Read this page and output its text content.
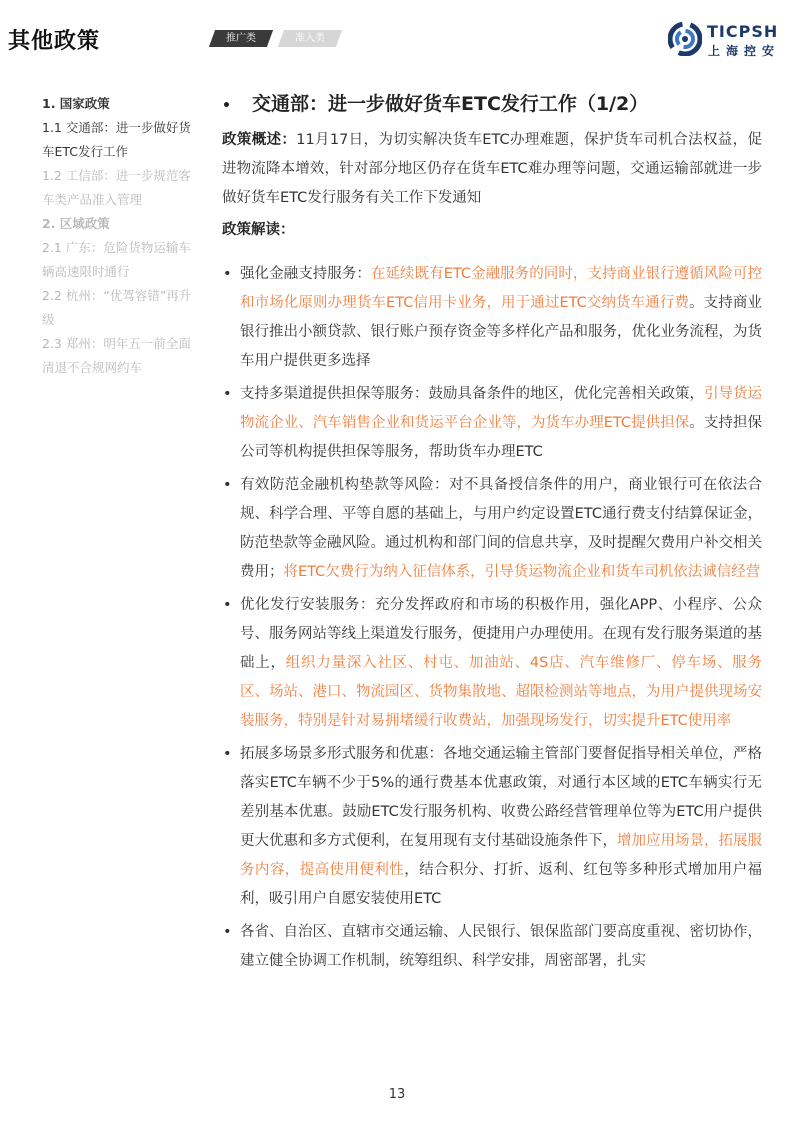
其他政策	推广类	准入类	TICPSH
上海控安
1. 国家政策
1.1 交通部：进一步做好货车ETC发行工作
1.2 工信部：进一步规范客车类产品准入管理
2. 区域政策
2.1 广东：危险货物运输车辆高速限时通行
2.2 杭州：“优驾容错”再升级
2.3 郑州：明年五一前全面清退不合规网约车
• 交通部：进一步做好货车ETC发行工作（1/2）

政策概述：11月17日，为切实解决货车ETC办理难题，保护货车司机合法权益，促进物流降本增效，针对部分地区仍存在货车ETC难办理等问题，交通运输部就进一步做好货车ETC发行服务有关工作下发通知

政策解读：
• 强化金融支持服务：在延续既有ETC金融服务的同时，支持商业银行遵循风险可控和市场化原则办理货车ETC信用卡业务，用于通过ETC交纳货车通行费。支持商业银行推出小额贷款、银行账户预存资金等多样化产品和服务，优化业务流程，为货车用户提供更多选择
• 支持多渠道提供担保等服务：鼓励具备条件的地区，优化完善相关政策，引导货运物流企业、汽车销售企业和货运平台企业等，为货车办理ETC提供担保。支持担保公司等机构提供担保等服务，帮助货车办理ETC
• 有效防范金融机构垫款等风险：对不具备授信条件的用户，商业银行可在依法合规、科学合理、平等自愿的基础上，与用户约定设置ETC通行费支付结算保证金，防范垫款等金融风险。通过机构和部门间的信息共享，及时提醒欠费用户补交相关费用；将ETC欠费行为纳入征信体系，引导货运物流企业和货车司机依法诚信经营
• 优化发行安装服务：充分发挥政府和市场的积极作用，强化APP、小程序、公众号、服务网站等线上渠道发行服务，便捷用户办理使用。在现有发行服务渠道的基础上，组织力量深入社区、村屯、加油站、4S店、汽车维修厂、停车场、服务区、场站、港口、物流园区、货物集散地、超限检测站等地点，为用户提供现场安装服务，特别是针对易拥堵缓行收费站，加强现场发行，切实提升ETC使用率
• 拓展多场景多形式服务和优惠：各地交通运输主管部门要督促指导相关单位，严格落实ETC车辆不少于5%的通行费基本优惠政策，对通行本区域的ETC车辆实行无差别基本优惠。鼓励ETC发行服务机构、收费公路经营管理单位等为ETC用户提供更大优惠和多方式便利，在复用现有支付基础设施条件下，增加应用场景，拓展服务内容，提高使用便利性，结合积分、打折、返利、红包等多种形式增加用户福利，吸引用户自愿安装使用ETC
• 各省、自治区、直辖市交通运输、人民银行、银保监部门要高度重视、密切协作，建立健全协调工作机制，统筹组织、科学安排，周密部署，扎实
13
